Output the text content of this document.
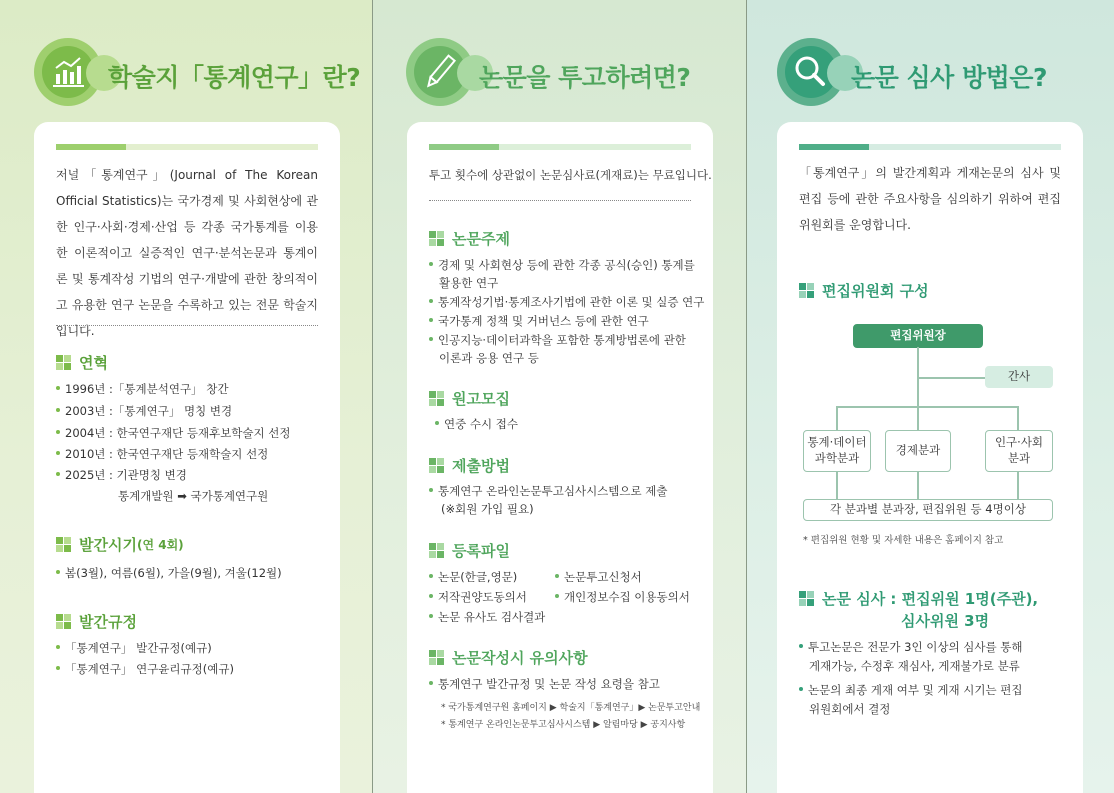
학술지「통계연구」란?
저널「통계연구」(Journal of The Korean Official Statistics)는 국가경제 및 사회현상에 관한 인구·사회·경제·산업 등 각종 국가통계를 이용한 이론적이고 실증적인 연구·분석논문과 통계이론 및 통계작성 기법의 연구·개발에 관한 창의적이고 유용한 연구 논문을 수록하고 있는 전문 학술지입니다.
연혁
1996년 :「통계분석연구」 창간
2003년 :「통계연구」 명칭 변경
2004년 : 한국연구재단 등재후보학술지 선정
2010년 : 한국연구재단 등재학술지 선정
2025년 : 기관명칭 변경
통계개발원 ➡ 국가통계연구원
발간시기 (연 4회)
봄(3월), 여름(6월), 가을(9월), 겨울(12월)
발간규정
「통계연구」 발간규정(예규)
「통계연구」 연구윤리규정(예규)
논문을 투고하려면?
투고 횟수에 상관없이 논문심사료(게재료)는 무료입니다.
논문주제
경제 및 사회현상 등에 관한 각종 공식(승인) 통계를
활용한 연구
통계작성기법·통계조사기법에 관한 이론 및 실증 연구
국가통계 정책 및 거버넌스 등에 관한 연구
인공지능·데이터과학을 포함한 통계방법론에 관한
이론과 응용 연구 등
원고모집
연중 수시 접수
제출방법
통계연구 온라인논문투고심사시스템으로 제출
(※회원 가입 필요)
등록파일
논문(한글,영문)	논문투고신청서
저작권양도동의서	개인정보수집 이용동의서
논문 유사도 검사결과
논문작성시 유의사항
통계연구 발간규정 및 논문 작성 요령을 참고
* 국가통계연구원 홈페이지 ▶ 학술지「통계연구」▶ 논문투고안내
* 통계연구 온라인논문투고심사시스템 ▶ 알림마당 ▶ 공지사항
논문 심사 방법은?
「통계연구」의 발간계획과 게재논문의 심사 및 편집 등에 관한 주요사항을 심의하기 위하여 편집위원회를 운영합니다.
편집위원회 구성
편집위원장
간사
통계·데이터
과학분과
경제분과
인구·사회
분과
각 분과별 분과장, 편집위원 등 4명이상
* 편집위원 현황 및 자세한 내용은 홈페이지 참고
논문 심사 : 편집위원 1명(주관),
심사위원 3명
투고논문은 전문가 3인 이상의 심사를 통해
게재가능, 수정후 재심사, 게재불가로 분류
논문의 최종 게재 여부 및 게재 시기는 편집
위원회에서 결정
